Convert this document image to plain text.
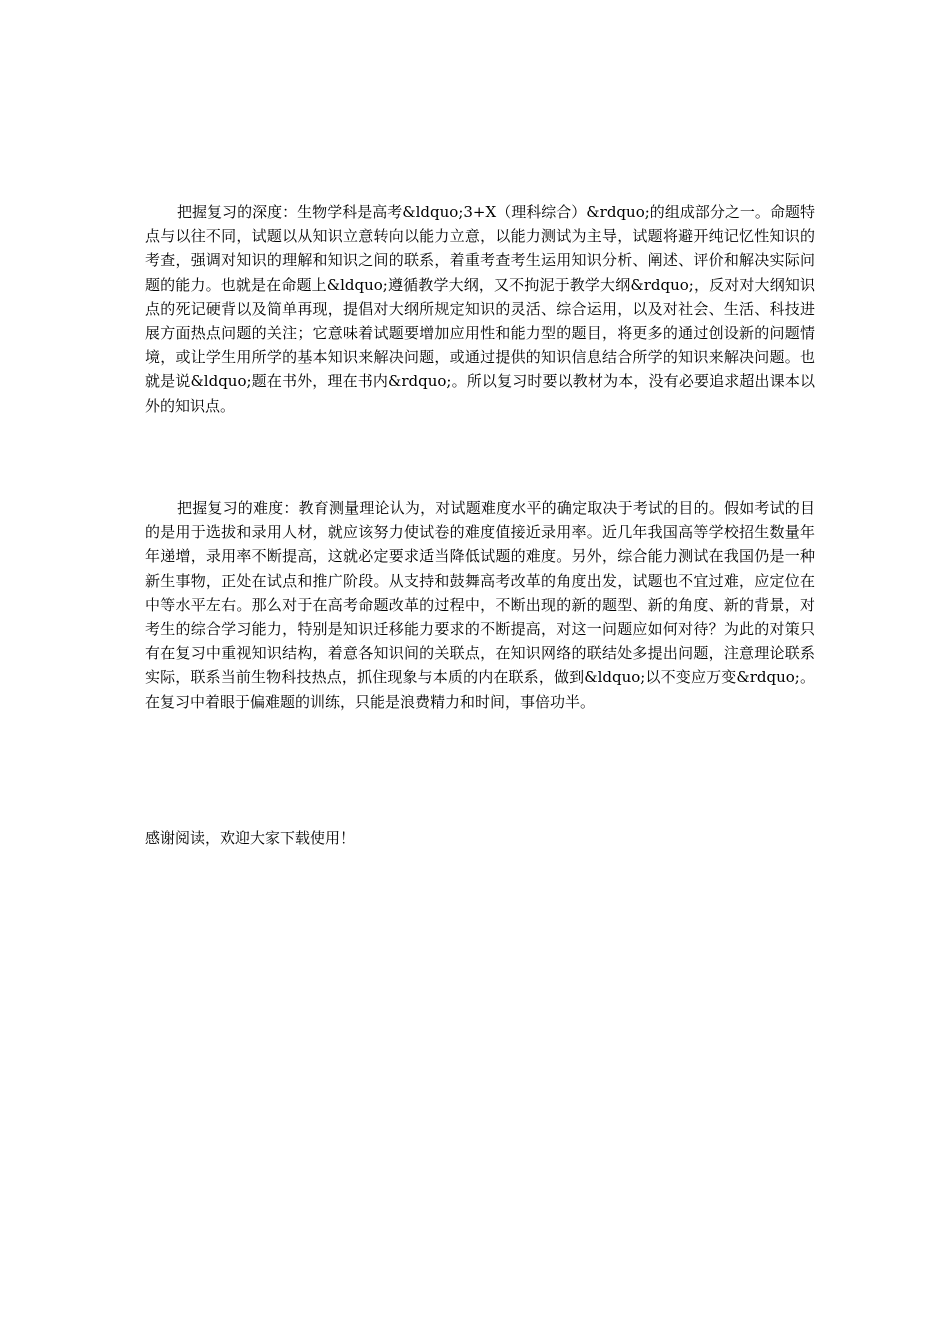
把握复习的深度：生物学科是高考&ldquo;3+X（理科综合）&rdquo;的组成部分之一。命题特点与以往不同，试题以从知识立意转向以能力立意，以能力测试为主导，试题将避开纯记忆性知识的考查，强调对知识的理解和知识之间的联系，着重考查考生运用知识分析、阐述、评价和解决实际问题的能力。也就是在命题上&ldquo;遵循教学大纲，又不拘泥于教学大纲&rdquo;，反对对大纲知识点的死记硬背以及简单再现，提倡对大纲所规定知识的灵活、综合运用，以及对社会、生活、科技进展方面热点问题的关注；它意味着试题要增加应用性和能力型的题目，将更多的通过创设新的问题情境，或让学生用所学的基本知识来解决问题，或通过提供的知识信息结合所学的知识来解决问题。也就是说&ldquo;题在书外，理在书内&rdquo;。所以复习时要以教材为本，没有必要追求超出课本以外的知识点。

把握复习的难度：教育测量理论认为，对试题难度水平的确定取决于考试的目的。假如考试的目的是用于选拔和录用人材，就应该努力使试卷的难度值接近录用率。近几年我国高等学校招生数量年年递增，录用率不断提高，这就必定要求适当降低试题的难度。另外，综合能力测试在我国仍是一种新生事物，正处在试点和推广阶段。从支持和鼓舞高考改革的角度出发，试题也不宜过难，应定位在中等水平左右。那么对于在高考命题改革的过程中，不断出现的新的题型、新的角度、新的背景，对考生的综合学习能力，特别是知识迁移能力要求的不断提高，对这一问题应如何对待？为此的对策只有在复习中重视知识结构，着意各知识间的关联点，在知识网络的联结处多提出问题，注意理论联系实际，联系当前生物科技热点，抓住现象与本质的内在联系，做到&ldquo;以不变应万变&rdquo;。在复习中着眼于偏难题的训练，只能是浪费精力和时间，事倍功半。

感谢阅读，欢迎大家下载使用！
